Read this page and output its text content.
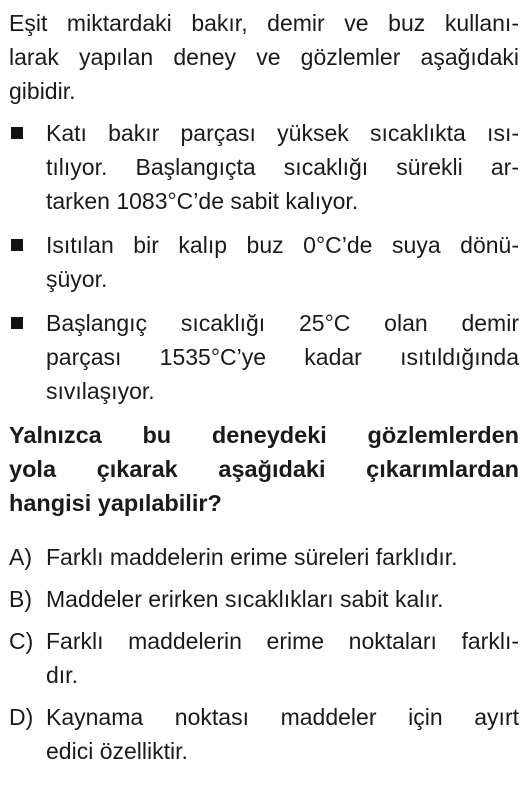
Eşit miktardaki bakır, demir ve buz kullanı-
larak yapılan deney ve gözlemler aşağıdaki
gibidir.
Katı bakır parçası yüksek sıcaklıkta ısı-
tılıyor. Başlangıçta sıcaklığı sürekli ar-
tarken 1083°C’de sabit kalıyor.
Isıtılan bir kalıp buz 0°C’de suya dönü-
şüyor.
Başlangıç sıcaklığı 25°C olan demir
parçası 1535°C’ye kadar ısıtıldığında
sıvılaşıyor.
Yalnızca bu deneydeki gözlemlerden
yola çıkarak aşağıdaki çıkarımlardan
hangisi yapılabilir?
A) Farklı maddelerin erime süreleri farklıdır.
B) Maddeler erirken sıcaklıkları sabit kalır.
C) Farklı maddelerin erime noktaları farklı-
dır.
D) Kaynama noktası maddeler için ayırt
edici özelliktir.
